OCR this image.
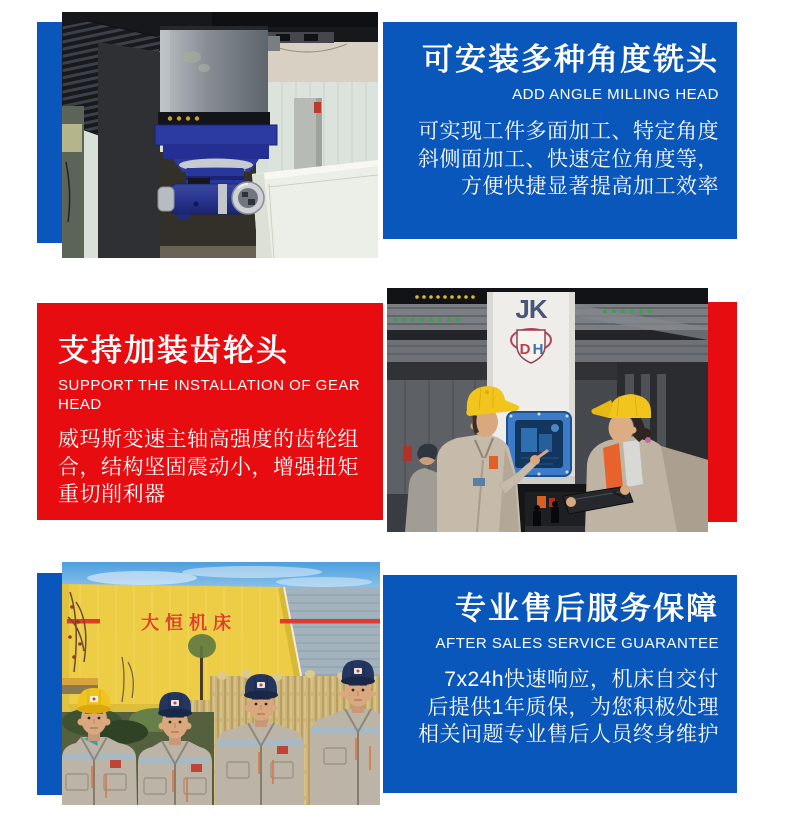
可安装多种角度铣头
ADD ANGLE MILLING HEAD
可实现工件多面加工、特定角度
斜侧面加工、快速定位角度等，
方便快捷显著提高加工效率
支持加装齿轮头
SUPPORT THE INSTALLATION OF GEAR HEAD
威玛斯变速主轴高强度的齿轮组
合，结构坚固震动小，增强扭矩
重切削利器
JK
D H
大恒机床	专业售后服务保障
AFTER SALES SERVICE GUARANTEE
7x24h快速响应，机床自交付
后提供1年质保，为您积极处理
相关问题专业售后人员终身维护
